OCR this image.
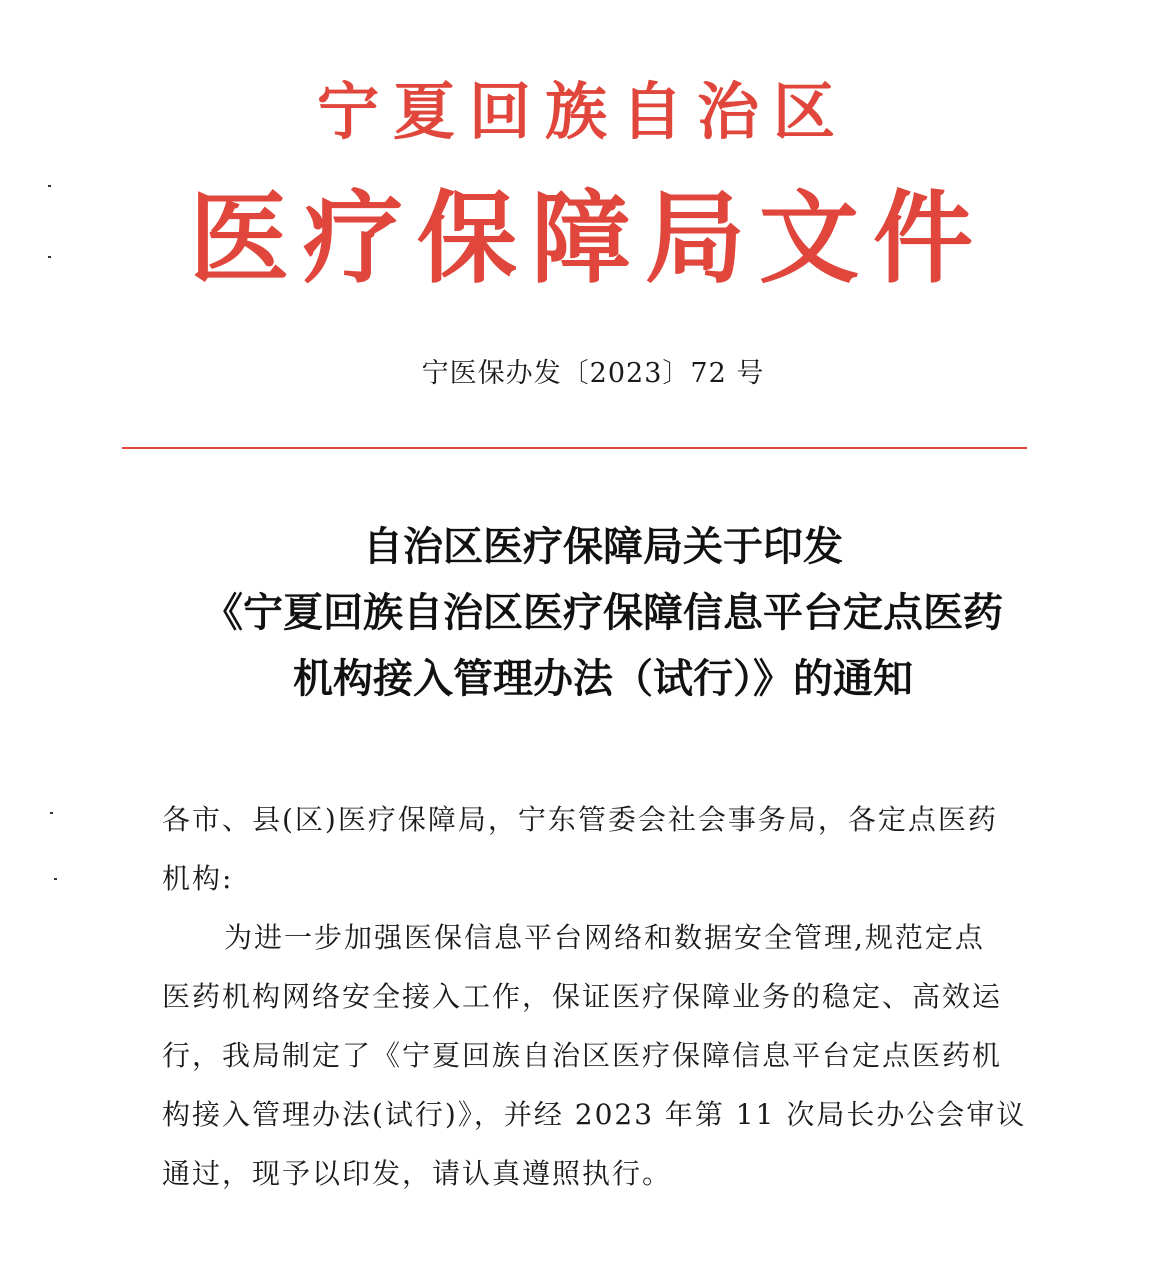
宁夏回族自治区
医疗保障局文件
宁医保办发〔2023〕72 号
自治区医疗保障局关于印发
《宁夏回族自治区医疗保障信息平台定点医药
机构接入管理办法（试行）》的通知
各市、县(区)医疗保障局，宁东管委会社会事务局，各定点医药
机构:
为进一步加强医保信息平台网络和数据安全管理,规范定点
医药机构网络安全接入工作，保证医疗保障业务的稳定、高效运
行，我局制定了《宁夏回族自治区医疗保障信息平台定点医药机
构接入管理办法(试行)》，并经 2023 年第 11 次局长办公会审议
通过，现予以印发，请认真遵照执行。
